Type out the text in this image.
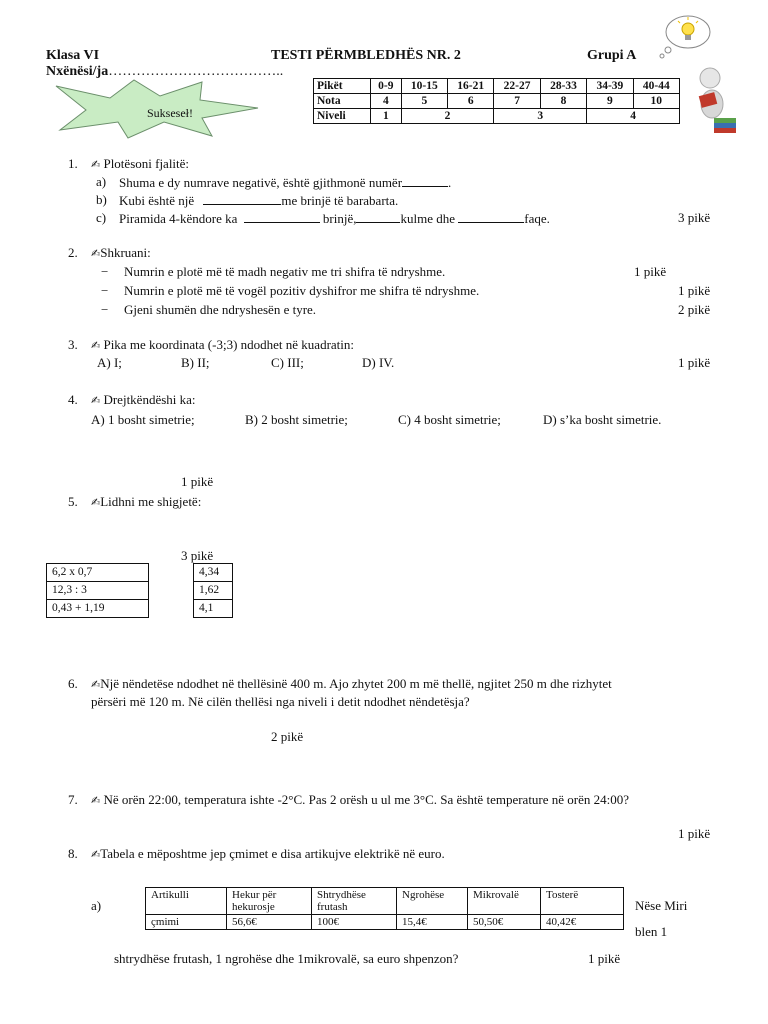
Klasa VI	TESTI PËRMBLEDHËS NR. 2	Grupi A
Nxënësi/ja………………………………..
Sukseseł!
Pikët	0-9	10-15	16-21	22-27	28-33	34-39	40-44
Nota	4	5	6	7	8	9	10
Niveli	1	2		3		4	
1. ✍ Plotësoni fjalitë:
a) Shuma e dy numrave negativë, është gjithmonë numër	.
b) Kubi është një	me brinjë të barabarta.
c) Piramida 4-këndore ka	brinjë,	kulme dhe	faqe.	3 pikë
2. ✍Shkruani:
− Numrin e plotë më të madh negativ me tri shifra të ndryshme.	1 pikë
− Numrin e plotë më të vogël pozitiv dyshifror me shifra të ndryshme.	1 pikë
− Gjeni shumën dhe ndryshesën e tyre.	2 pikë
3. ✍ Pika me koordinata (-3;3) ndodhet në kuadratin:
A) I;	B) II;	C) III;	D) IV.	1 pikë
4. ✍ Drejtkëndëshi ka:
A) 1 bosht simetrie;	B) 2 bosht simetrie;	C) 4 bosht simetrie;	D) s’ka bosht simetrie.
1 pikë
5. ✍Lidhni me shigjetë:
3 pikë
6,2 x 0,7
12,3 : 3
0,43 + 1,19
4,34
1,62
4,1
6. ✍Një nëndetëse ndodhet në thellësinë 400 m. Ajo zhytet 200 m më thellë, ngjitet 250 m dhe rizhytet
përsëri më 120 m. Në cilën thellësi nga niveli i detit ndodhet nëndetësja?
2 pikë
7. ✍ Në orën 22:00, temperatura ishte -2°C. Pas 2 orësh u ul me 3°C. Sa është temperature në orën 24:00?
1 pikë
8. ✍Tabela e mëposhtme jep çmimet e disa artikujve elektrikë në euro.
a)
Artikulli	Hekur për hekurosje	Shtrydhëse frutash	Ngrohëse	Mikrovalë	Tosterë
çmimi	56,6€	100€	15,4€	50,50€	40,42€
Nëse Miri
blen 1
shtrydhëse frutash, 1 ngrohëse dhe 1mikrovalë, sa euro shpenzon?	1 pikë
